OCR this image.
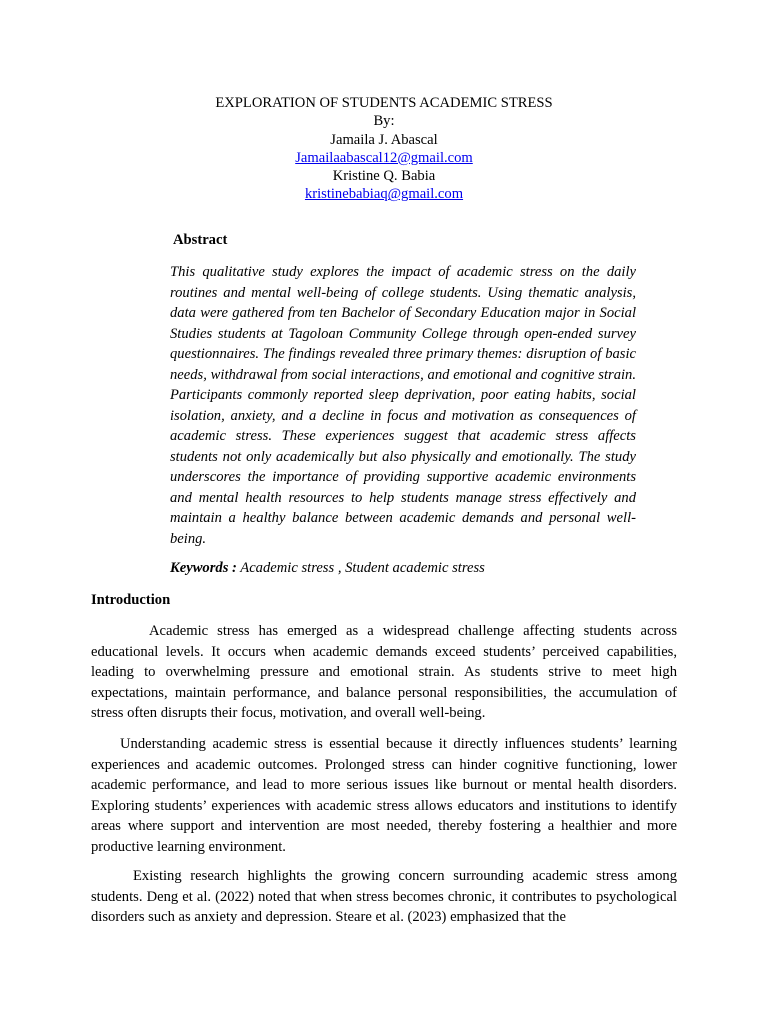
EXPLORATION OF STUDENTS ACADEMIC STRESS
By:
Jamaila J. Abascal
Jamailaabascal12@gmail.com
Kristine Q. Babia
kristinebabiaq@gmail.com
Abstract

This qualitative study explores the impact of academic stress on the daily routines and mental well-being of college students. Using thematic analysis, data were gathered from ten Bachelor of Secondary Education major in Social Studies students at Tagoloan Community College through open-ended survey questionnaires. The findings revealed three primary themes: disruption of basic needs, withdrawal from social interactions, and emotional and cognitive strain. Participants commonly reported sleep deprivation, poor eating habits, social isolation, anxiety, and a decline in focus and motivation as consequences of academic stress. These experiences suggest that academic stress affects students not only academically but also physically and emotionally. The study underscores the importance of providing supportive academic environments and mental health resources to help students manage stress effectively and maintain a healthy balance between academic demands and personal well-being.

Keywords : Academic stress , Student academic stress

Introduction

Academic stress has emerged as a widespread challenge affecting students across educational levels. It occurs when academic demands exceed students’ perceived capabilities, leading to overwhelming pressure and emotional strain. As students strive to meet high expectations, maintain performance, and balance personal responsibilities, the accumulation of stress often disrupts their focus, motivation, and overall well-being.

Understanding academic stress is essential because it directly influences students’ learning experiences and academic outcomes. Prolonged stress can hinder cognitive functioning, lower academic performance, and lead to more serious issues like burnout or mental health disorders. Exploring students’ experiences with academic stress allows educators and institutions to identify areas where support and intervention are most needed, thereby fostering a healthier and more productive learning environment.

Existing research highlights the growing concern surrounding academic stress among students. Deng et al. (2022) noted that when stress becomes chronic, it contributes to psychological disorders such as anxiety and depression. Steare et al. (2023) emphasized that the
